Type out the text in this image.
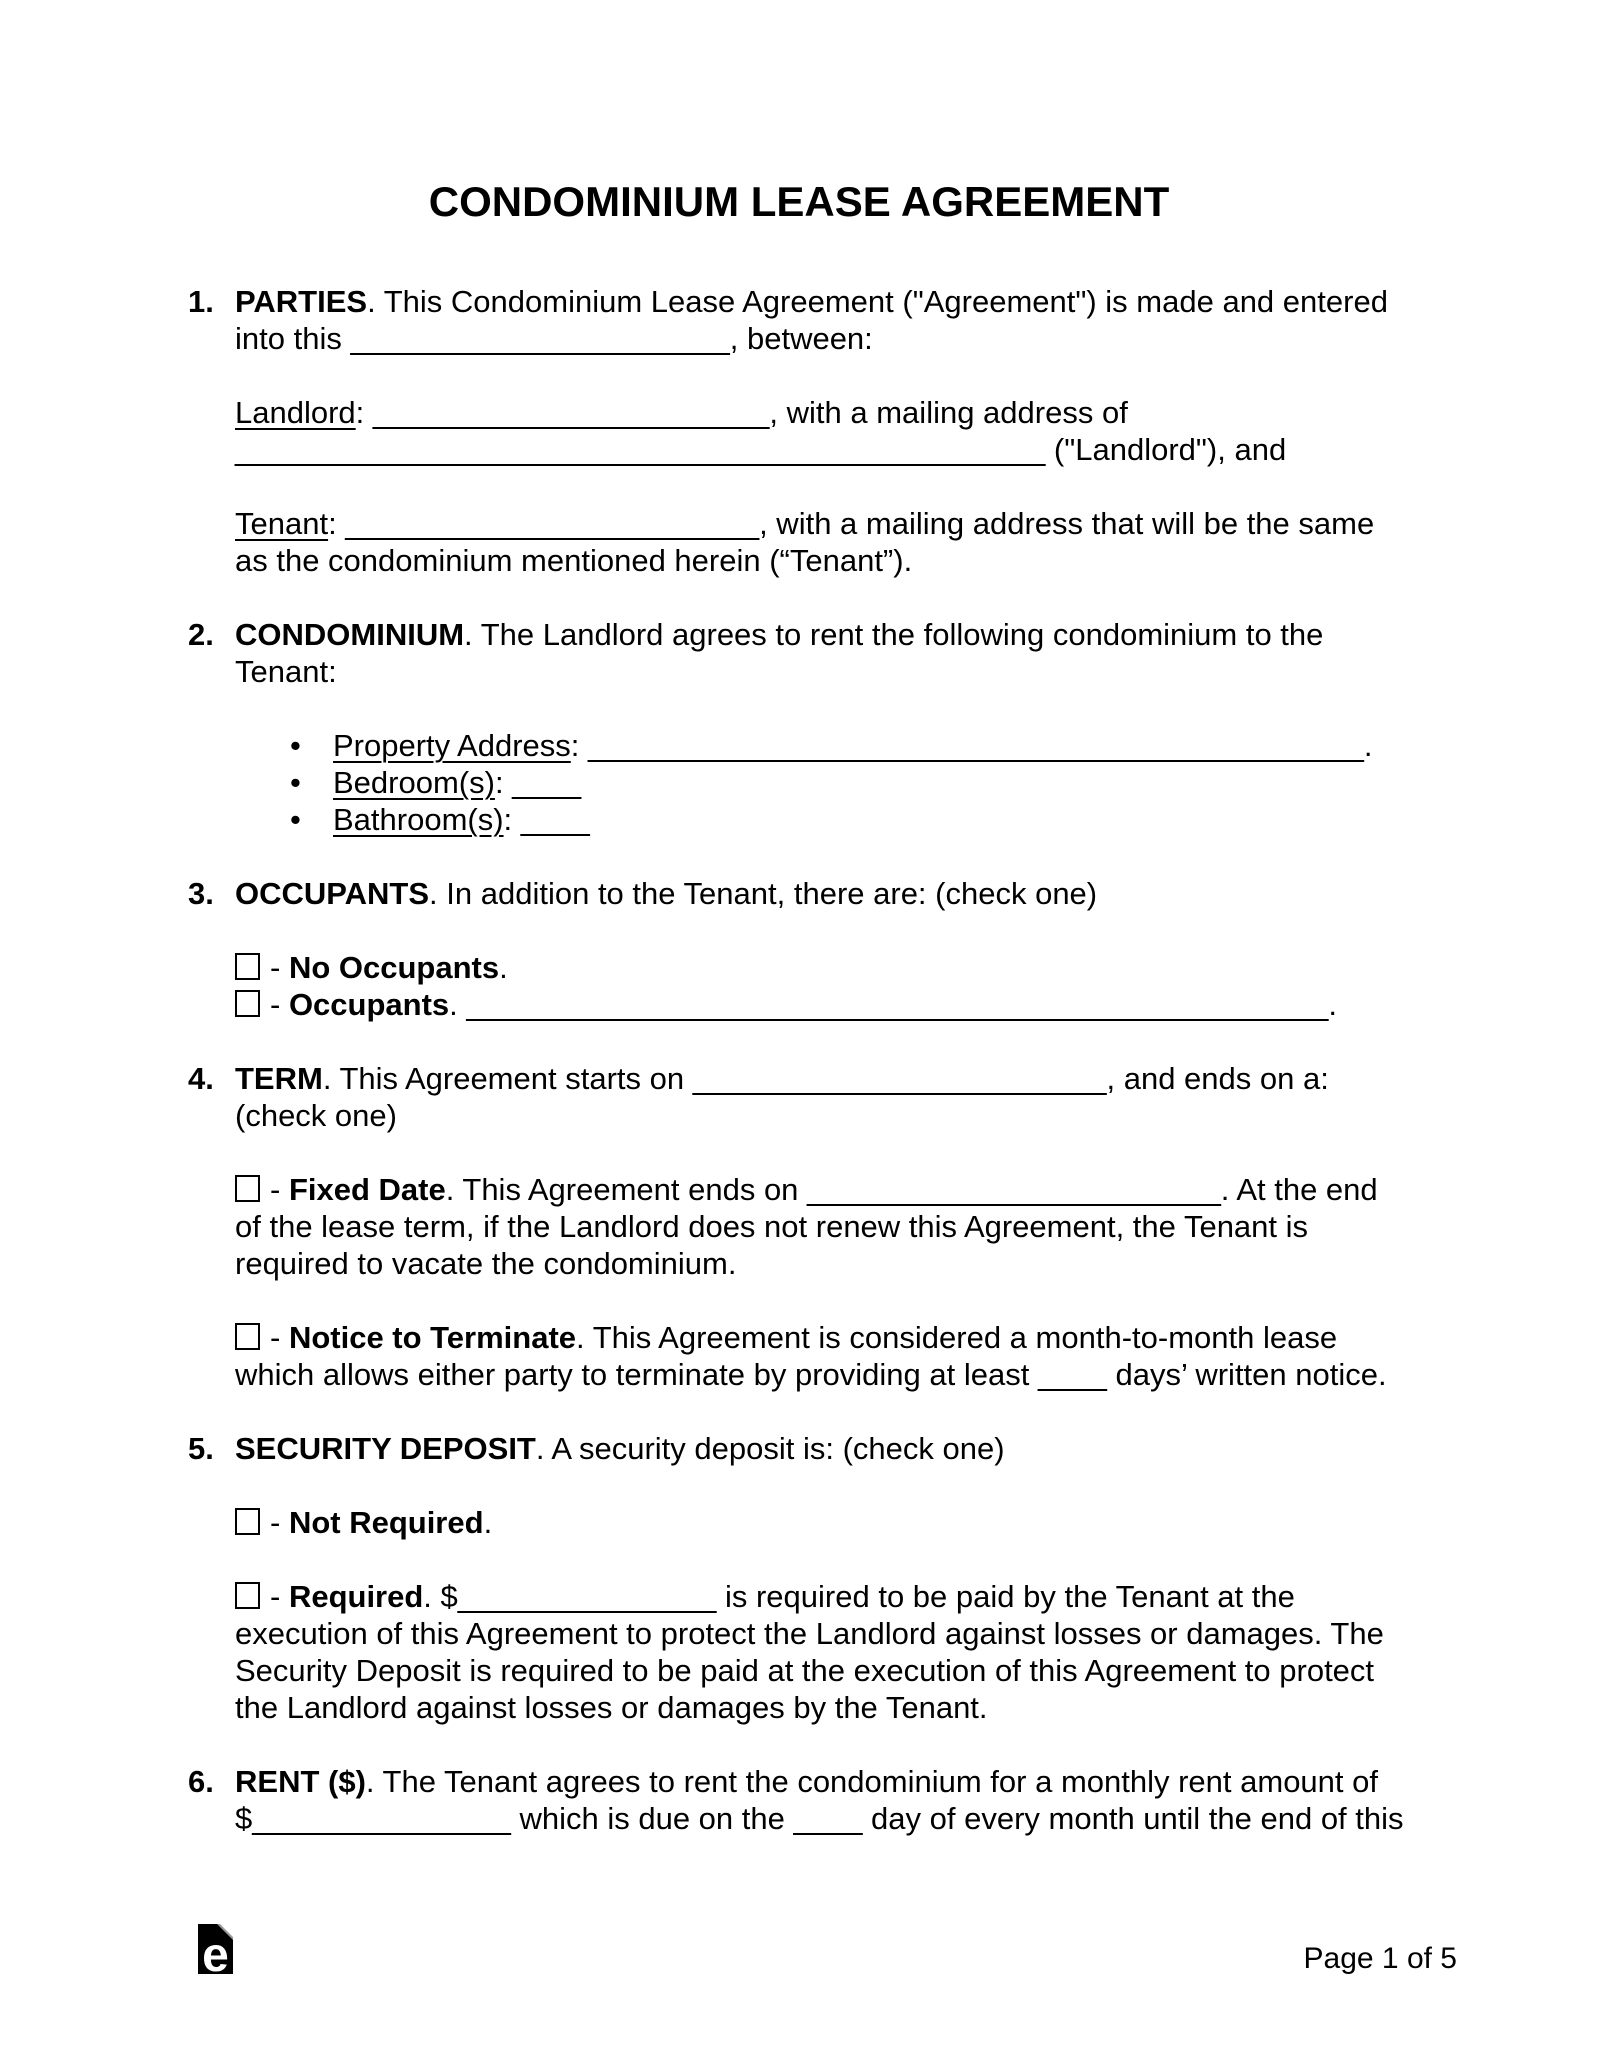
CONDOMINIUM LEASE AGREEMENT
1. PARTIES. This Condominium Lease Agreement ("Agreement") is made and entered into this ______________________, between:

Landlord: _______________________, with a mailing address of _______________________________________________ ("Landlord"), and

Tenant: ________________________, with a mailing address that will be the same as the condominium mentioned herein (“Tenant”).

2. CONDOMINIUM. The Landlord agrees to rent the following condominium to the Tenant:

•	Property Address: _____________________________________________.
•	Bedroom(s): ____
•	Bathroom(s): ____
3. OCCUPANTS. In addition to the Tenant, there are: (check one)

- No Occupants.
- Occupants. __________________________________________________.
4. TERM. This Agreement starts on ________________________, and ends on a: (check one)

- Fixed Date. This Agreement ends on ________________________. At the end of the lease term, if the Landlord does not renew this Agreement, the Tenant is required to vacate the condominium.

- Notice to Terminate. This Agreement is considered a month-to-month lease which allows either party to terminate by providing at least ____ days’ written notice.

5. SECURITY DEPOSIT. A security deposit is: (check one)

- Not Required.

- Required. $_______________ is required to be paid by the Tenant at the execution of this Agreement to protect the Landlord against losses or damages. The Security Deposit is required to be paid at the execution of this Agreement to protect the Landlord against losses or damages by the Tenant.

6. RENT ($). The Tenant agrees to rent the condominium for a monthly rent amount of $_______________ which is due on the ____ day of every month until the end of this

e	Page 1 of 5
